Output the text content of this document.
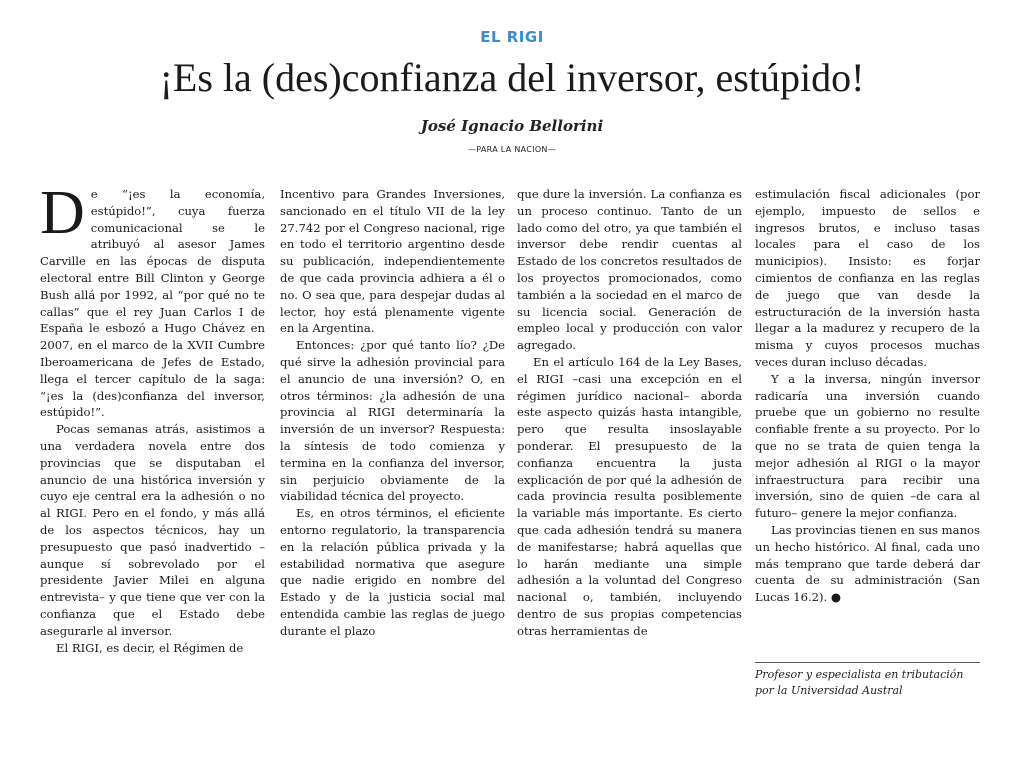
EL RIGI
¡Es la (des)confianza del inversor, estúpido!
José Ignacio Bellorini
—PARA LA NACION—

De “¡es la economía, estúpido!”, cuya fuerza comunicacional se le atribuyó al asesor James Carville en las épocas de disputa electoral entre Bill Clinton y George Bush allá por 1992, al “por qué no te callas” que el rey Juan Carlos I de España le esbozó a Hugo Chávez en 2007, en el marco de la XVII Cumbre Iberoamericana de Jefes de Estado, llega el tercer capítulo de la saga: “¡es la (des)confianza del inversor, estúpido!”.

Pocas semanas atrás, asistimos a una verdadera novela entre dos provincias que se disputaban el anuncio de una histórica inversión y cuyo eje central era la adhesión o no al RIGI. Pero en el fondo, y más allá de los aspectos técnicos, hay un presupuesto que pasó inadvertido –aunque sí sobrevolado por el presidente Javier Milei en alguna entrevista– y que tiene que ver con la confianza que el Estado debe asegurarle al inversor.

El RIGI, es decir, el Régimen de

Incentivo para Grandes Inversiones, sancionado en el título VII de la ley 27.742 por el Congreso nacional, rige en todo el territorio argentino desde su publicación, independientemente de que cada provincia adhiera a él o no. O sea que, para despejar dudas al lector, hoy está plenamente vigente en la Argentina.

Entonces: ¿por qué tanto lío? ¿De qué sirve la adhesión provincial para el anuncio de una inversión? O, en otros términos: ¿la adhesión de una provincia al RIGI determinaría la inversión de un inversor? Respuesta: la síntesis de todo comienza y termina en la confianza del inversor, sin perjuicio obviamente de la viabilidad técnica del proyecto.

Es, en otros términos, el eficiente entorno regulatorio, la transparencia en la relación pública privada y la estabilidad normativa que asegure que nadie erigido en nombre del Estado y de la justicia social mal entendida cambie las reglas de juego durante el plazo

que dure la inversión. La confianza es un proceso continuo. Tanto de un lado como del otro, ya que también el inversor debe rendir cuentas al Estado de los concretos resultados de los proyectos promocionados, como también a la sociedad en el marco de su licencia social. Generación de empleo local y producción con valor agregado.

En el artículo 164 de la Ley Bases, el RIGI –casi una excepción en el régimen jurídico nacional– aborda este aspecto quizás hasta intangible, pero que resulta insoslayable ponderar. El presupuesto de la confianza encuentra la justa explicación de por qué la adhesión de cada provincia resulta posiblemente la variable más importante. Es cierto que cada adhesión tendrá su manera de manifestarse; habrá aquellas que lo harán mediante una simple adhesión a la voluntad del Congreso nacional o, también, incluyendo dentro de sus propias competencias otras herramientas de

estimulación fiscal adicionales (por ejemplo, impuesto de sellos e ingresos brutos, e incluso tasas locales para el caso de los municipios). Insisto: es forjar cimientos de confianza en las reglas de juego que van desde la estructuración de la inversión hasta llegar a la madurez y recupero de la misma y cuyos procesos muchas veces duran incluso décadas.

Y a la inversa, ningún inversor radicaría una inversión cuando pruebe que un gobierno no resulte confiable frente a su proyecto. Por lo que no se trata de quien tenga la mejor adhesión al RIGI o la mayor infraestructura para recibir una inversión, sino de quien –de cara al futuro– genere la mejor confianza.

Las provincias tienen en sus manos un hecho histórico. Al final, cada uno más temprano que tarde deberá dar cuenta de su administración (San Lucas 16.2). ●

Profesor y especialista en tributación por la Universidad Austral
